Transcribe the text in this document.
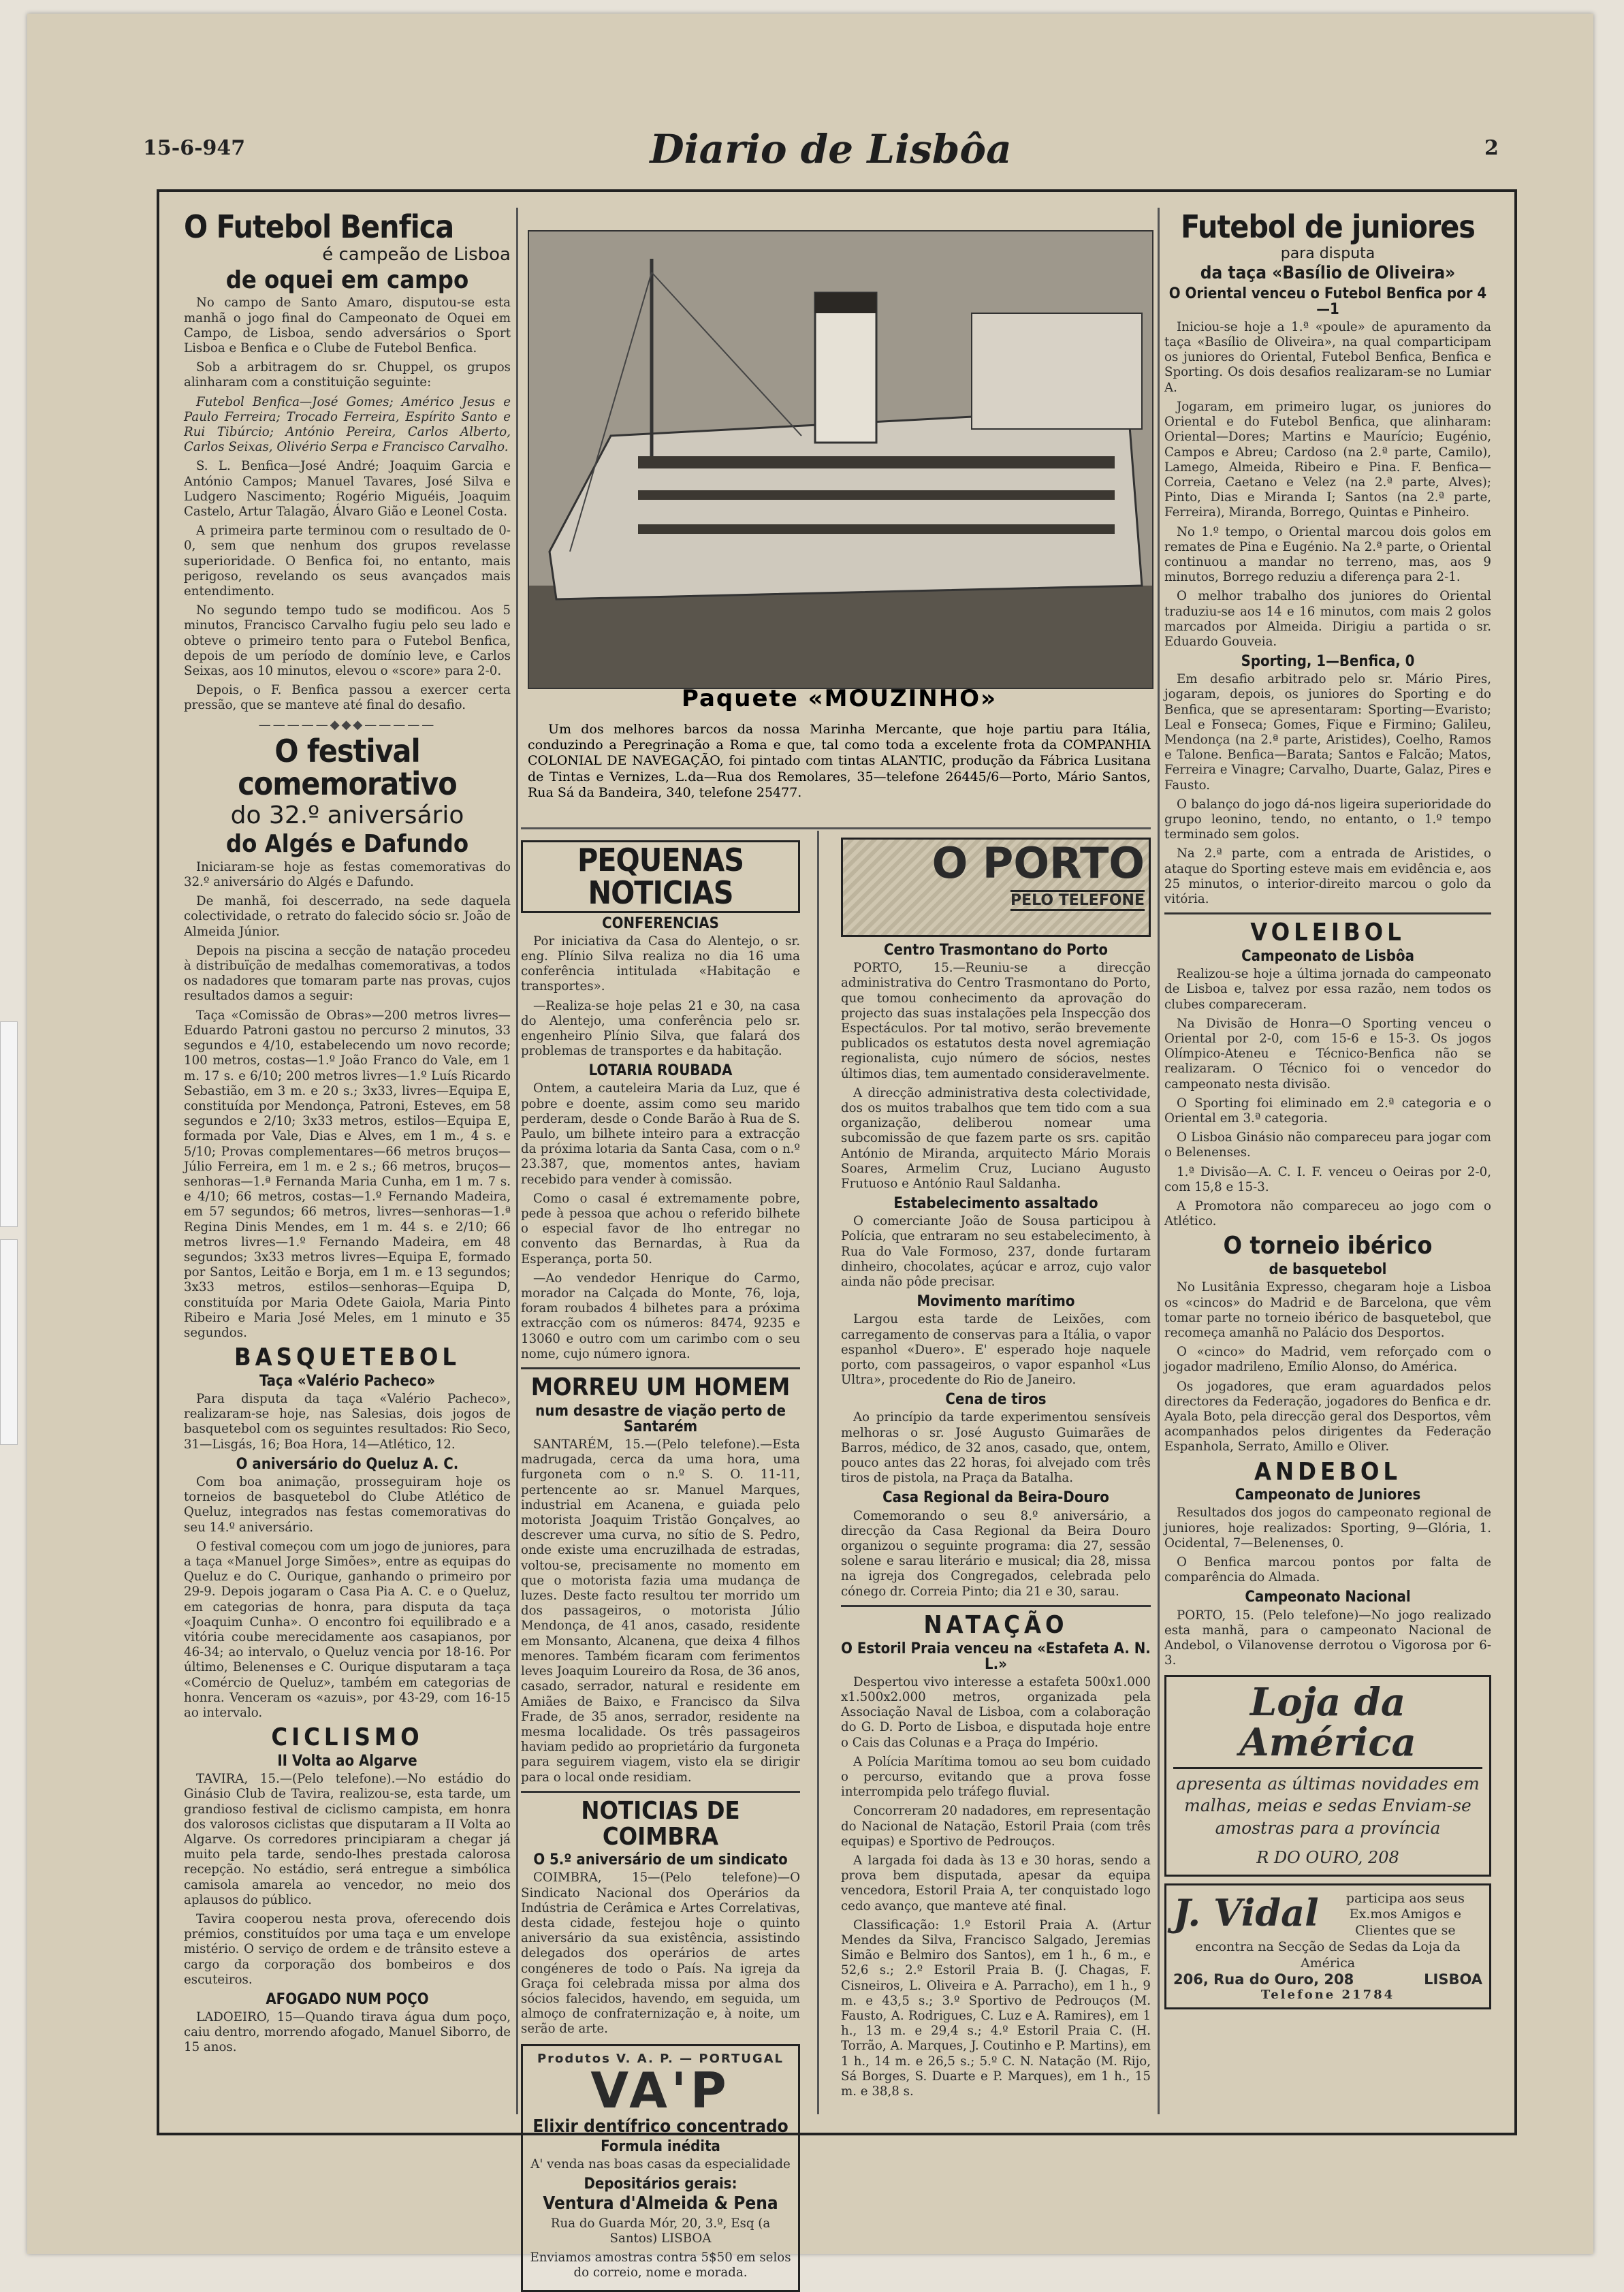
15-6-947	Diario de Lisbôa	2
O Futebol Benfica
é campeão de Lisboa
de oquei em campo

No campo de Santo Amaro, disputou-se esta manhã o jogo final do Campeonato de Oquei em Campo, de Lisboa, sendo adversários o Sport Lisboa e Benfica e o Clube de Futebol Benfica.

Sob a arbitragem do sr. Chuppel, os grupos alinharam com a constituição seguinte:

Futebol Benfica—José Gomes; Américo Jesus e Paulo Ferreira; Trocado Ferreira, Espírito Santo e Rui Tibúrcio; António Pereira, Carlos Alberto, Carlos Seixas, Olivério Serpa e Francisco Carvalho.

S. L. Benfica—José André; Joaquim Garcia e António Campos; Manuel Tavares, José Silva e Ludgero Nascimento; Rogério Miguéis, Joaquim Castelo, Artur Talagão, Álvaro Gião e Leonel Costa.

A primeira parte terminou com o resultado de 0-0, sem que nenhum dos grupos revelasse superioridade. O Benfica foi, no entanto, mais perigoso, revelando os seus avançados mais entendimento.

No segundo tempo tudo se modificou. Aos 5 minutos, Francisco Carvalho fugiu pelo seu lado e obteve o primeiro tento para o Futebol Benfica, depois de um período de domínio leve, e Carlos Seixas, aos 10 minutos, elevou o «score» para 2-0.

Depois, o F. Benfica passou a exercer certa pressão, que se manteve até final do desafio.

—————◆◆◆—————
O festival comemorativo
do 32.º aniversário
do Algés e Dafundo

Iniciaram-se hoje as festas comemorativas do 32.º aniversário do Algés e Dafundo.

De manhã, foi descerrado, na sede daquela colectividade, o retrato do falecido sócio sr. João de Almeida Júnior.

Depois na piscina a secção de natação procedeu à distribuïção de medalhas comemorativas, a todos os nadadores que tomaram parte nas provas, cujos resultados damos a seguir:

Taça «Comissão de Obras»—200 metros livres—Eduardo Patroni gastou no percurso 2 minutos, 33 segundos e 4/10, estabelecendo um novo recorde; 100 metros, costas—1.º João Franco do Vale, em 1 m. 17 s. e 6/10; 200 metros livres—1.º Luís Ricardo Sebastião, em 3 m. e 20 s.; 3x33, livres—Equipa E, constituída por Mendonça, Patroni, Esteves, em 58 segundos e 2/10; 3x33 metros, estilos—Equipa E, formada por Vale, Dias e Alves, em 1 m., 4 s. e 5/10; Provas complementares—66 metros bruços—Júlio Ferreira, em 1 m. e 2 s.; 66 metros, bruços—senhoras—1.ª Fernanda Maria Cunha, em 1 m. 7 s. e 4/10; 66 metros, costas—1.º Fernando Madeira, em 57 segundos; 66 metros, livres—senhoras—1.ª Regina Dinis Mendes, em 1 m. 44 s. e 2/10; 66 metros livres—1.º Fernando Madeira, em 48 segundos; 3x33 metros livres—Equipa E, formado por Santos, Leitão e Borja, em 1 m. e 13 segundos; 3x33 metros, estilos—senhoras—Equipa D, constituída por Maria Odete Gaiola, Maria Pinto Ribeiro e Maria José Meles, em 1 minuto e 35 segundos.

BASQUETEBOL
Taça «Valério Pacheco»

Para disputa da taça «Valério Pacheco», realizaram-se hoje, nas Salesias, dois jogos de basquetebol com os seguintes resultados: Rio Seco, 31—Lisgás, 16; Boa Hora, 14—Atlético, 12.

O aniversário do Queluz A. C.

Com boa animação, prosseguiram hoje os torneios de basquetebol do Clube Atlético de Queluz, integrados nas festas comemorativas do seu 14.º aniversário.

O festival começou com um jogo de juniores, para a taça «Manuel Jorge Simões», entre as equipas do Queluz e do C. Ourique, ganhando o primeiro por 29-9. Depois jogaram o Casa Pia A. C. e o Queluz, em categorias de honra, para disputa da taça «Joaquim Cunha». O encontro foi equilibrado e a vitória coube merecidamente aos casapianos, por 46-34; ao intervalo, o Queluz vencia por 18-16. Por último, Belenenses e C. Ourique disputaram a taça «Comércio de Queluz», também em categorias de honra. Venceram os «azuis», por 43-29, com 16-15 ao intervalo.

CICLISMO
II Volta ao Algarve

TAVIRA, 15.—(Pelo telefone).—No estádio do Ginásio Club de Tavira, realizou-se, esta tarde, um grandioso festival de ciclismo campista, em honra dos valorosos ciclistas que disputaram a II Volta ao Algarve. Os corredores principiaram a chegar já muito pela tarde, sendo-lhes prestada calorosa recepção. No estádio, será entregue a simbólica camisola amarela ao vencedor, no meio dos aplausos do público.

Tavira cooperou nesta prova, oferecendo dois prémios, constituídos por uma taça e um envelope mistério. O serviço de ordem e de trânsito esteve a cargo da corporação dos bombeiros e dos escuteiros.

AFOGADO NUM POÇO

LADOEIRO, 15—Quando tirava água dum poço, caiu dentro, morrendo afogado, Manuel Siborro, de 15 anos.

Paquete «MOUZINHO»
Um dos melhores barcos da nossa Marinha Mercante, que hoje partiu para Itália, conduzindo a Peregrinação a Roma e que, tal como toda a excelente frota da COMPANHIA COLONIAL DE NAVEGAÇÃO, foi pintado com tintas ALANTIC, produção da Fábrica Lusitana de Tintas e Vernizes, L.da—Rua dos Remolares, 35—telefone 26445/6—Porto, Mário Santos, Rua Sá da Bandeira, 340, telefone 25477.
PEQUENAS NOTICIAS
CONFERENCIAS

Por iniciativa da Casa do Alentejo, o sr. eng. Plínio Silva realiza no dia 16 uma conferência intitulada «Habitação e transportes».

—Realiza-se hoje pelas 21 e 30, na casa do Alentejo, uma conferência pelo sr. engenheiro Plínio Silva, que falará dos problemas de transportes e da habitação.

LOTARIA ROUBADA

Ontem, a cauteleira Maria da Luz, que é pobre e doente, assim como seu marido perderam, desde o Conde Barão à Rua de S. Paulo, um bilhete inteiro para a extracção da próxima lotaria da Santa Casa, com o n.º 23.387, que, momentos antes, haviam recebido para vender à comissão.

Como o casal é extremamente pobre, pede à pessoa que achou o referido bilhete o especial favor de lho entregar no convento das Bernardas, à Rua da Esperança, porta 50.

—Ao vendedor Henrique do Carmo, morador na Calçada do Monte, 76, loja, foram roubados 4 bilhetes para a próxima extracção com os números: 8474, 9235 e 13060 e outro com um carimbo com o seu nome, cujo número ignora.

MORREU UM HOMEM
num desastre de viação perto de Santarém

SANTARÉM, 15.—(Pelo telefone).—Esta madrugada, cerca da uma hora, uma furgoneta com o n.º S. O. 11-11, pertencente ao sr. Manuel Marques, industrial em Acanena, e guiada pelo motorista Joaquim Tristão Gonçalves, ao descrever uma curva, no sítio de S. Pedro, onde existe uma encruzilhada de estradas, voltou-se, precisamente no momento em que o motorista fazia uma mudança de luzes. Deste facto resultou ter morrido um dos passageiros, o motorista Júlio Mendonça, de 41 anos, casado, residente em Monsanto, Alcanena, que deixa 4 filhos menores. Também ficaram com ferimentos leves Joaquim Loureiro da Rosa, de 36 anos, casado, serrador, natural e residente em Amiães de Baixo, e Francisco da Silva Frade, de 35 anos, serrador, residente na mesma localidade. Os três passageiros haviam pedido ao proprietário da furgoneta para seguirem viagem, visto ela se dirigir para o local onde residiam.

NOTICIAS DE COIMBRA
O 5.º aniversário de um sindicato

COIMBRA, 15—(Pelo telefone)—O Sindicato Nacional dos Operários da Indústria de Cerâmica e Artes Correlativas, desta cidade, festejou hoje o quinto aniversário da sua existência, assistindo delegados dos operários de artes congéneres de todo o País. Na igreja da Graça foi celebrada missa por alma dos sócios falecidos, havendo, em seguida, um almoço de confraternização e, à noite, um serão de arte.

Produtos V. A. P. — PORTUGAL
VA'P
Elixir dentífrico concentrado
Formula inédita
A' venda nas boas casas da especialidade
Depositários gerais:
Ventura d'Almeida & Pena
Rua do Guarda Mór, 20, 3.º, Esq (a Santos) LISBOA
Enviamos amostras contra 5$50 em selos do correio, nome e morada.
O PORTO
PELO TELEFONE
Centro Trasmontano do Porto

PORTO, 15.—Reuniu-se a direcção administrativa do Centro Trasmontano do Porto, que tomou conhecimento da aprovação do projecto das suas instalações pela Inspecção dos Espectáculos. Por tal motivo, serão brevemente publicados os estatutos desta novel agremiação regionalista, cujo número de sócios, nestes últimos dias, tem aumentado consideravelmente.

A direcção administrativa desta colectividade, dos os muitos trabalhos que tem tido com a sua organização, deliberou nomear uma subcomissão de que fazem parte os srs. capitão António de Miranda, arquitecto Mário Morais Soares, Armelim Cruz, Luciano Augusto Frutuoso e António Raul Saldanha.

Estabelecimento assaltado

O comerciante João de Sousa participou à Polícia, que entraram no seu estabelecimento, à Rua do Vale Formoso, 237, donde furtaram dinheiro, chocolates, açúcar e arroz, cujo valor ainda não pôde precisar.

Movimento marítimo

Largou esta tarde de Leixões, com carregamento de conservas para a Itália, o vapor espanhol «Duero». E' esperado hoje naquele porto, com passageiros, o vapor espanhol «Lus Ultra», procedente do Rio de Janeiro.

Cena de tiros

Ao princípio da tarde experimentou sensíveis melhoras o sr. José Augusto Guimarães de Barros, médico, de 32 anos, casado, que, ontem, pouco antes das 22 horas, foi alvejado com três tiros de pistola, na Praça da Batalha.

Casa Regional da Beira-Douro

Comemorando o seu 8.º aniversário, a direcção da Casa Regional da Beira Douro organizou o seguinte programa: dia 27, sessão solene e sarau literário e musical; dia 28, missa na igreja dos Congregados, celebrada pelo cónego dr. Correia Pinto; dia 21 e 30, sarau.

NATAÇÃO
O Estoril Praia venceu na «Estafeta A. N. L.»

Despertou vivo interesse a estafeta 500x1.000 x1.500x2.000 metros, organizada pela Associação Naval de Lisboa, com a colaboração do G. D. Porto de Lisboa, e disputada hoje entre o Cais das Colunas e a Praça do Império.

A Polícia Marítima tomou ao seu bom cuidado o percurso, evitando que a prova fosse interrompida pelo tráfego fluvial.

Concorreram 20 nadadores, em representação do Nacional de Natação, Estoril Praia (com três equipas) e Sportivo de Pedrouços.

A largada foi dada às 13 e 30 horas, sendo a prova bem disputada, apesar da equipa vencedora, Estoril Praia A, ter conquistado logo cedo avanço, que manteve até final.

Classificação: 1.º Estoril Praia A. (Artur Mendes da Silva, Francisco Salgado, Jeremias Simão e Belmiro dos Santos), em 1 h., 6 m., e 52,6 s.; 2.º Estoril Praia B. (J. Chagas, F. Cisneiros, L. Oliveira e A. Parracho), em 1 h., 9 m. e 43,5 s.; 3.º Sportivo de Pedrouços (M. Fausto, A. Rodrigues, C. Luz e A. Ramires), em 1 h., 13 m. e 29,4 s.; 4.º Estoril Praia C. (H. Torrão, A. Marques, J. Coutinho e P. Martins), em 1 h., 14 m. e 26,5 s.; 5.º C. N. Natação (M. Rijo, Sá Borges, S. Duarte e P. Marques), em 1 h., 15 m. e 38,8 s.

Futebol de juniores
para disputa
da taça «Basílio de Oliveira»
O Oriental venceu o Futebol Benfica por 4—1

Iniciou-se hoje a 1.ª «poule» de apuramento da taça «Basílio de Oliveira», na qual comparticipam os juniores do Oriental, Futebol Benfica, Benfica e Sporting. Os dois desafios realizaram-se no Lumiar A.

Jogaram, em primeiro lugar, os juniores do Oriental e do Futebol Benfica, que alinharam: Oriental—Dores; Martins e Maurício; Eugénio, Campos e Abreu; Cardoso (na 2.ª parte, Camilo), Lamego, Almeida, Ribeiro e Pina. F. Benfica—Correia, Caetano e Velez (na 2.ª parte, Alves); Pinto, Dias e Miranda I; Santos (na 2.ª parte, Ferreira), Miranda, Borrego, Quintas e Pinheiro.

No 1.º tempo, o Oriental marcou dois golos em remates de Pina e Eugénio. Na 2.ª parte, o Oriental continuou a mandar no terreno, mas, aos 9 minutos, Borrego reduziu a diferença para 2-1.

O melhor trabalho dos juniores do Oriental traduziu-se aos 14 e 16 minutos, com mais 2 golos marcados por Almeida. Dirigiu a partida o sr. Eduardo Gouveia.

Sporting, 1—Benfica, 0

Em desafio arbitrado pelo sr. Mário Pires, jogaram, depois, os juniores do Sporting e do Benfica, que se apresentaram: Sporting—Evaristo; Leal e Fonseca; Gomes, Fique e Firmino; Galileu, Mendonça (na 2.ª parte, Aristides), Coelho, Ramos e Talone. Benfica—Barata; Santos e Falcão; Matos, Ferreira e Vinagre; Carvalho, Duarte, Galaz, Pires e Fausto.

O balanço do jogo dá-nos ligeira superioridade do grupo leonino, tendo, no entanto, o 1.º tempo terminado sem golos.

Na 2.ª parte, com a entrada de Aristides, o ataque do Sporting esteve mais em evidência e, aos 25 minutos, o interior-direito marcou o golo da vitória.

VOLEIBOL
Campeonato de Lisbôa

Realizou-se hoje a última jornada do campeonato de Lisboa e, talvez por essa razão, nem todos os clubes compareceram.

Na Divisão de Honra—O Sporting venceu o Oriental por 2-0, com 15-6 e 15-3. Os jogos Olímpico-Ateneu e Técnico-Benfica não se realizaram. O Técnico foi o vencedor do campeonato nesta divisão.

O Sporting foi eliminado em 2.ª categoria e o Oriental em 3.ª categoria.

O Lisboa Ginásio não compareceu para jogar com o Belenenses.

1.ª Divisão—A. C. I. F. venceu o Oeiras por 2-0, com 15,8 e 15-3.

A Promotora não compareceu ao jogo com o Atlético.

O torneio ibérico
de basquetebol

No Lusitânia Expresso, chegaram hoje a Lisboa os «cincos» do Madrid e de Barcelona, que vêm tomar parte no torneio ibérico de basquetebol, que recomeça amanhã no Palácio dos Desportos.

O «cinco» do Madrid, vem reforçado com o jogador madrileno, Emílio Alonso, do América.

Os jogadores, que eram aguardados pelos directores da Federação, jogadores do Benfica e dr. Ayala Boto, pela direcção geral dos Desportos, vêm acompanhados pelos dirigentes da Federação Espanhola, Serrato, Amillo e Oliver.

ANDEBOL
Campeonato de Juniores

Resultados dos jogos do campeonato regional de juniores, hoje realizados: Sporting, 9—Glória, 1. Ocidental, 7—Belenenses, 0.

O Benfica marcou pontos por falta de comparência do Almada.

Campeonato Nacional

PORTO, 15. (Pelo telefone)—No jogo realizado esta manhã, para o campeonato Nacional de Andebol, o Vilanovense derrotou o Vigorosa por 6-3.

Loja da América
apresenta as últimas novidades em malhas, meias e sedas Enviam-se amostras para a província
R DO OURO, 208
J. Vidal	participa aos seus Ex.mos Amigos e Clientes que se encontra na Secção de Sedas da Loja da América
206, Rua do Ouro, 208	LISBOA
Telefone 21784
